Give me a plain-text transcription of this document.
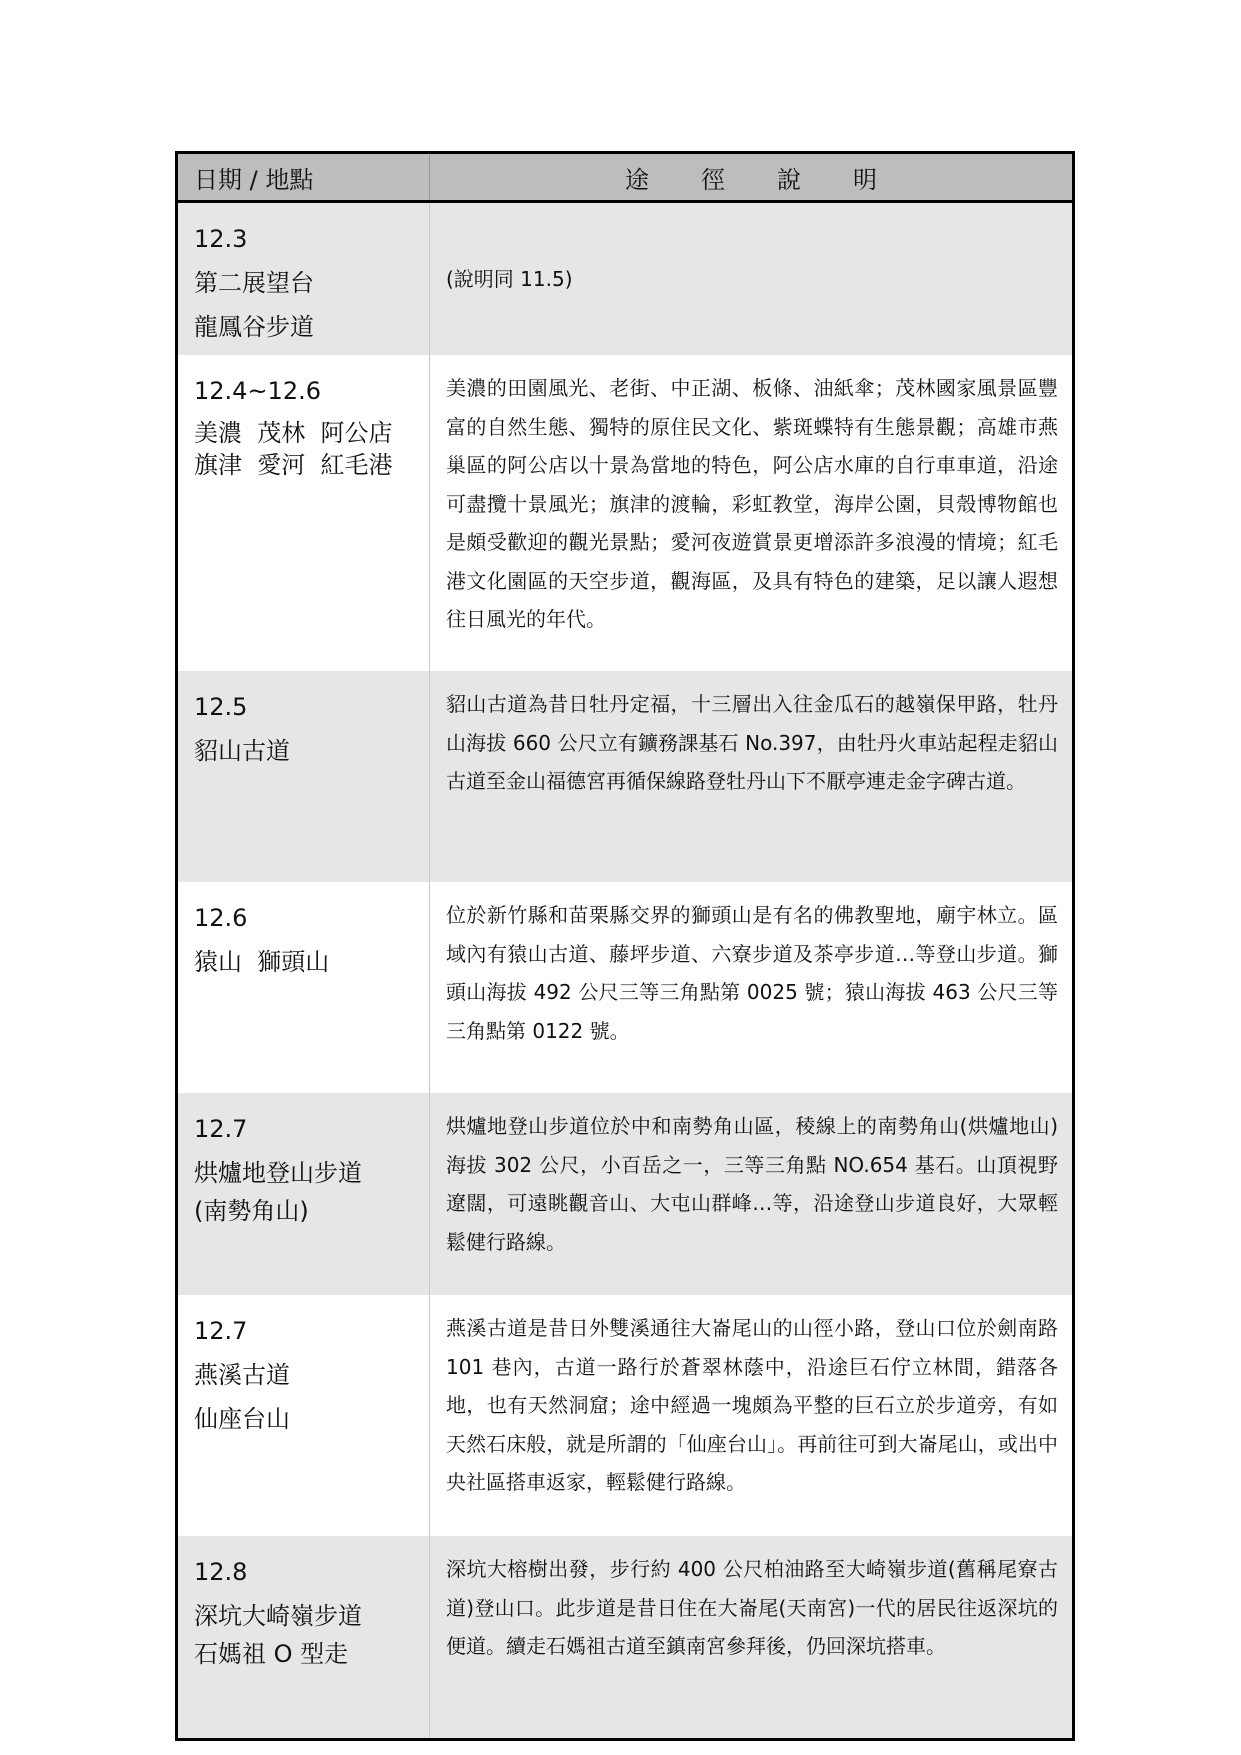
日期 / 地點	途徑說明

12.3
第二展望台
龍鳳谷步道	(說明同 11.5)

12.4~12.6
美濃  茂林  阿公店
旗津  愛河  紅毛港	美濃的田園風光、老街、中正湖、板條、油紙傘；茂林國家風景區豐富的自然生態、獨特的原住民文化、紫斑蝶特有生態景觀；高雄市燕巢區的阿公店以十景為當地的特色，阿公店水庫的自行車車道，沿途可盡攬十景風光；旗津的渡輪，彩虹教堂，海岸公園，貝殼博物館也是頗受歡迎的觀光景點；愛河夜遊賞景更增添許多浪漫的情境；紅毛港文化園區的天空步道，觀海區，及具有特色的建築，足以讓人遐想往日風光的年代。

12.5
貂山古道	貂山古道為昔日牡丹定福，十三層出入往金瓜石的越嶺保甲路，牡丹山海拔 660 公尺立有鑛務課基石 No.397，由牡丹火車站起程走貂山古道至金山福德宮再循保線路登牡丹山下不厭亭連走金字碑古道。

12.6
猿山  獅頭山	位於新竹縣和苗栗縣交界的獅頭山是有名的佛教聖地，廟宇林立。區域內有猿山古道、藤坪步道、六寮步道及茶亭步道…等登山步道。獅頭山海拔 492 公尺三等三角點第 0025 號；猿山海拔 463 公尺三等三角點第 0122 號。

12.7
烘爐地登山步道
(南勢角山)	烘爐地登山步道位於中和南勢角山區，稜線上的南勢角山(烘爐地山)海拔 302 公尺，小百岳之一，三等三角點 NO.654 基石。山頂視野遼闊，可遠眺觀音山、大屯山群峰…等，沿途登山步道良好，大眾輕鬆健行路線。

12.7
燕溪古道
仙座台山	燕溪古道是昔日外雙溪通往大崙尾山的山徑小路，登山口位於劍南路 101 巷內，古道一路行於蒼翠林蔭中，沿途巨石佇立林間，錯落各地，也有天然洞窟；途中經過一塊頗為平整的巨石立於步道旁，有如天然石床般，就是所謂的「仙座台山」。再前往可到大崙尾山，或出中央社區搭車返家，輕鬆健行路線。

12.8
深坑大崎嶺步道
石媽祖 O 型走	深坑大榕樹出發，步行約 400 公尺柏油路至大崎嶺步道(舊稱尾寮古道)登山口。此步道是昔日住在大崙尾(天南宮)一代的居民往返深坑的便道。續走石媽祖古道至鎮南宮參拜後，仍回深坑搭車。
